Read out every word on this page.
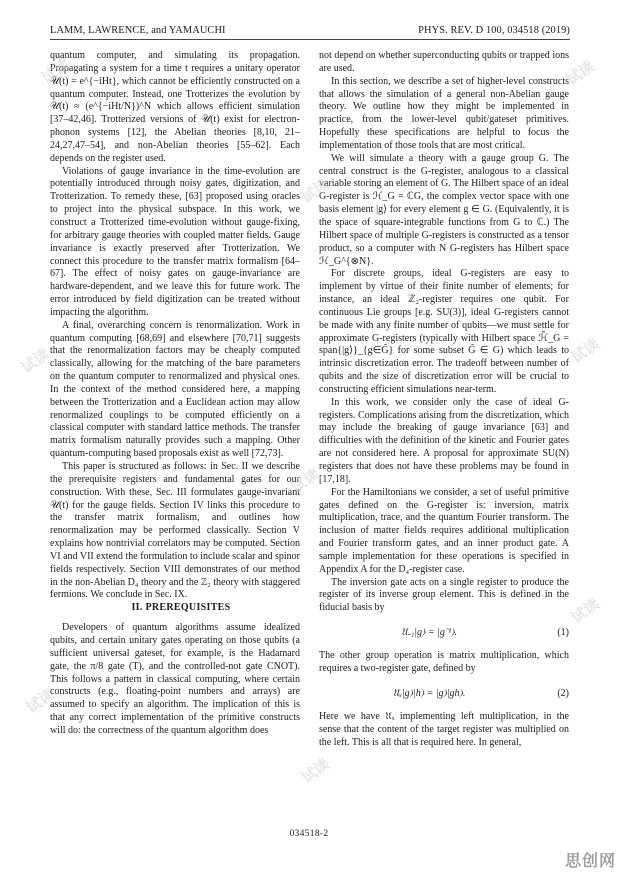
LAMM, LAWRENCE, and YAMAUCHI	PHYS. REV. D 100, 034518 (2019)

quantum computer, and simulating its propagation. Propagating a system for a time t requires a unitary operator 𝒰(t) = e^{−iHt}, which cannot be efficiently constructed on a quantum computer. Instead, one Trotterizes the evolution by 𝒰(t) ≈ (e^{−iHt/N})^N which allows efficient simulation [37–42,46]. Trotterized versions of 𝒰(t) exist for electron-phonon systems [12], the Abelian theories [8,10, 21–24,27,47–54], and non-Abelian theories [55–62]. Each depends on the register used.

Violations of gauge invariance in the time-evolution are potentially introduced through noisy gates, digitization, and Trotterization. To remedy these, [63] proposed using oracles to project into the physical subspace. In this work, we construct a Trotterized time-evolution without gauge-fixing, for arbitrary gauge theories with coupled matter fields. Gauge invariance is exactly preserved after Trotterization. We connect this procedure to the transfer matrix formalism [64–67]. The effect of noisy gates on gauge-invariance are hardware-dependent, and we leave this for future work. The error introduced by field digitization can be treated without impacting the algorithm.

A final, overarching concern is renormalization. Work in quantum computing [68,69] and elsewhere [70,71] suggests that the renormalization factors may be cheaply computed classically, allowing for the matching of the bare parameters on the quantum computer to renormalized and physical ones. In the context of the method considered here, a mapping between the Trotterization and a Euclidean action may allow renormalized couplings to be computed efficiently on a classical computer with standard lattice methods. The transfer matrix formalism naturally provides such a mapping. Other quantum-computing based proposals exist as well [72,73].

This paper is structured as follows: in Sec. II we describe the prerequisite registers and fundamental gates for our construction. With these, Sec. III formulates gauge-invariant 𝒰(t) for the gauge fields. Section IV links this procedure to the transfer matrix formalism, and outlines how renormalization may be performed classically. Section V explains how nontrivial correlators may be computed. Section VI and VII extend the formulation to include scalar and spinor fields respectively. Section VIII demonstrates of our method in the non-Abelian D₄ theory and the ℤ₂ theory with staggered fermions. We conclude in Sec. IX.

II. PREREQUISITES

Developers of quantum algorithms assume idealized qubits, and certain unitary gates operating on those qubits (a sufficient universal gateset, for example, is the Hadamard gate, the π/8 gate (T), and the controlled-not gate CNOT). This follows a pattern in classical computing, where certain constructs (e.g., floating-point numbers and arrays) are assumed to specify an algorithm. The implication of this is that any correct implementation of the primitive constructs will do: the correctness of the quantum algorithm does

not depend on whether superconducting qubits or trapped ions are used.

In this section, we describe a set of higher-level constructs that allows the simulation of a general non-Abelian gauge theory. We outline how they might be implemented in practice, from the lower-level qubit/gateset primitives. Hopefully these specifications are helpful to focus the implementation of those tools that are most critical.

We will simulate a theory with a gauge group G. The central construct is the G-register, analogous to a classical variable storing an element of G. The Hilbert space of an ideal G-register is ℋ_G = ℂG, the complex vector space with one basis element |g⟩ for every element g ∈ G. (Equivalently, it is the space of square-integrable functions from G to ℂ.) The Hilbert space of multiple G-registers is constructed as a tensor product, so a computer with N G-registers has Hilbert space ℋ_G^{⊗N}.

For discrete groups, ideal G-registers are easy to implement by virtue of their finite number of elements; for instance, an ideal ℤ₂-register requires one qubit. For continuous Lie groups [e.g. SU(3)], ideal G-registers cannot be made with any finite number of qubits—we must settle for approximate G-registers (typically with Hilbert space ℋ̃_G = span{|g⟩}_{g∈G̃} for some subset G̃ ∈ G) which leads to intrinsic discretization error. The tradeoff between number of qubits and the size of discretization error will be crucial to constructing efficient simulations near-term.

In this work, we consider only the case of ideal G-registers. Complications arising from the discretization, which may include the breaking of gauge invariance [63] and difficulties with the definition of the kinetic and Fourier gates are not considered here. A proposal for approximate SU(N) registers that does not have these problems may be found in [17,18].

For the Hamiltonians we consider, a set of useful primitive gates defined on the G-register is: inversion, matrix multiplication, trace, and the quantum Fourier transform. The inclusion of matter fields requires additional multiplication and Fourier transform gates, and an inner product gate. A sample implementation for these operations is specified in Appendix A for the D₄-register case.

The inversion gate acts on a single register to produce the register of its inverse group element. This is defined in the fiducial basis by

𝔘₋₁|g⟩ = |g⁻¹⟩.	(1)

The other group operation is matrix multiplication, which requires a two-register gate, defined by

𝔘ₓ|g⟩|h⟩ = |g⟩|gh⟩.	(2)

Here we have 𝔘ₓ implementing left multiplication, in the sense that the content of the target register was multiplied on the left. This is all that is required here. In general,

034518-2
试读	试读
试读
试读	试读
试读
试读
试读
试读
思创网
